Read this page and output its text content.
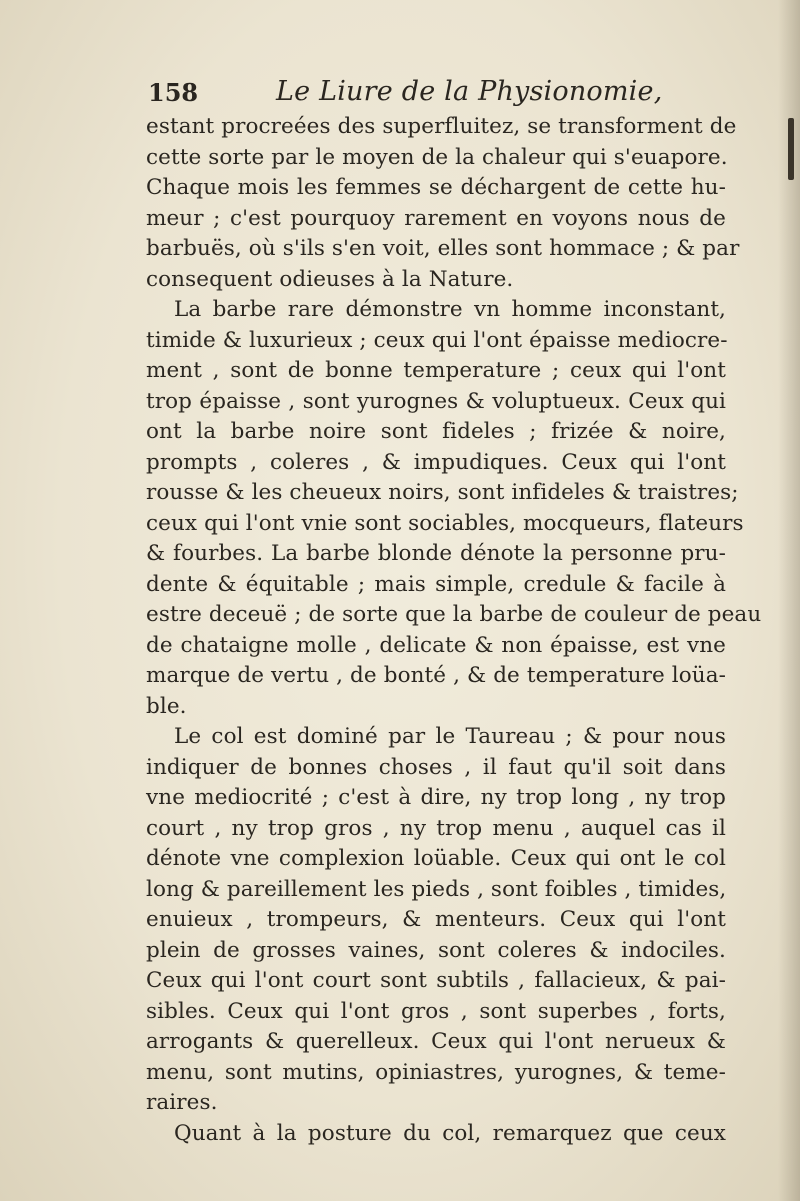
158	Le Liure de la Physionomie,
estant procreées des superfluitez, se transforment de
cette sorte par le moyen de la chaleur qui s'euapore.
Chaque mois les femmes se déchargent de cette hu-
meur ; c'est pourquoy rarement en voyons nous de
barbuës, où s'ils s'en voit, elles sont hommace ; & par
consequent odieuses à la Nature.
La barbe rare démonstre vn homme inconstant,
timide & luxurieux ; ceux qui l'ont épaisse mediocre-
ment , sont de bonne temperature ; ceux qui l'ont
trop épaisse , sont yurognes & voluptueux. Ceux qui
ont la barbe noire sont fideles ; frizée & noire,
prompts , coleres , & impudiques. Ceux qui l'ont
rousse & les cheueux noirs, sont infideles & traistres;
ceux qui l'ont vnie sont sociables, mocqueurs, flateurs
& fourbes. La barbe blonde dénote la personne pru-
dente & équitable ; mais simple, credule & facile à
estre deceuë ; de sorte que la barbe de couleur de peau
de chataigne molle , delicate & non épaisse, est vne
marque de vertu , de bonté , & de temperature loüa-
ble.
Le col est dominé par le Taureau ; & pour nous
indiquer de bonnes choses , il faut qu'il soit dans
vne mediocrité ; c'est à dire, ny trop long , ny trop
court , ny trop gros , ny trop menu , auquel cas il
dénote vne complexion loüable. Ceux qui ont le col
long & pareillement les pieds , sont foibles , timides,
enuieux , trompeurs, & menteurs. Ceux qui l'ont
plein de grosses vaines, sont coleres & indociles.
Ceux qui l'ont court sont subtils , fallacieux, & pai-
sibles. Ceux qui l'ont gros , sont superbes , forts,
arrogants & querelleux. Ceux qui l'ont nerueux &
menu, sont mutins, opiniastres, yurognes, & teme-
raires.
Quant à la posture du col, remarquez que ceux
